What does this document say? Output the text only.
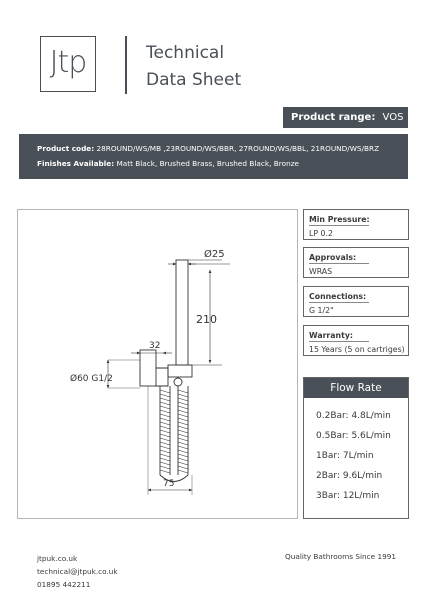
Jtp	Technical
Data Sheet
Product range: VOS
Product code: 28ROUND/WS/MB ,23ROUND/WS/BBR, 27ROUND/WS/BBL, 21ROUND/WS/BRZ
Finishes Available: Matt Black, Brushed Brass, Brushed Black, Bronze
Ø25
210
32
Ø60 G1/2
75
Min Pressure:
LP 0.2
Approvals:
WRAS
Connections:
G 1/2"
Warranty:
15 Years (5 on cartriges)
Flow Rate
0.2Bar: 4.8L/min
0.5Bar: 5.6L/min
1Bar: 7L/min
2Bar: 9.6L/min
3Bar: 12L/min
jtpuk.co.uk
technical@jtpuk.co.uk
01895 442211
Quality Bathrooms Since 1991
